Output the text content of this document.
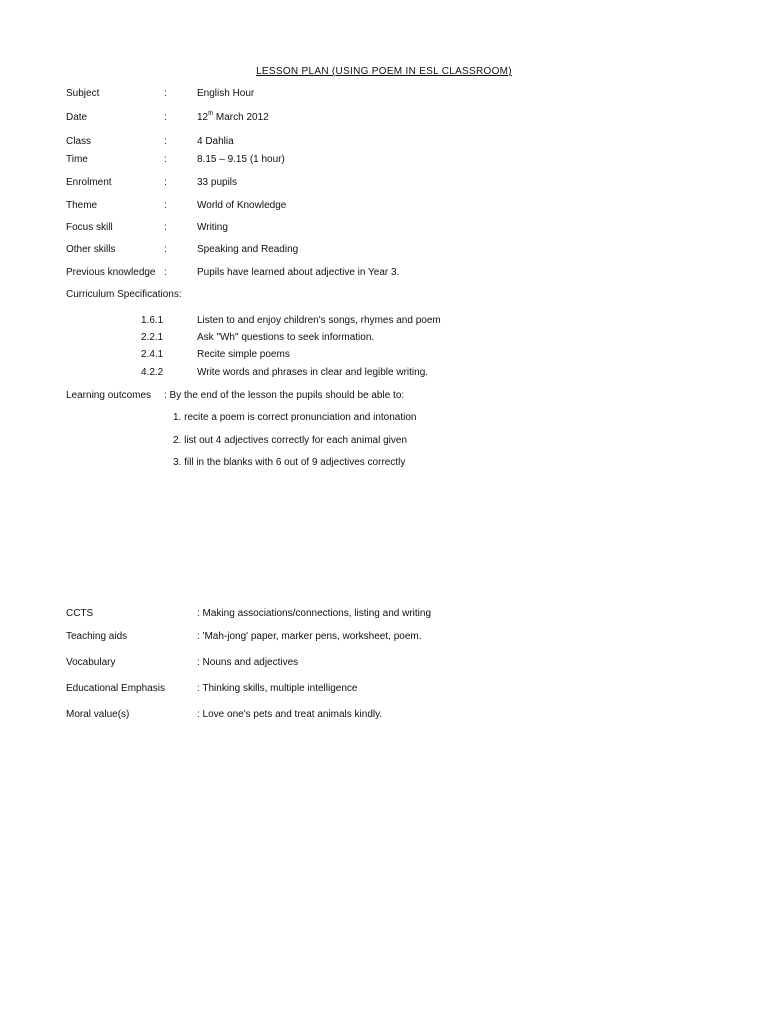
LESSON PLAN (USING POEM IN ESL CLASSROOM)
Subject	:	English Hour
Date	:	12th March 2012
Class	:	4 Dahlia
Time	:	8.15 – 9.15 (1 hour)
Enrolment	:	33 pupils
Theme	:	World of Knowledge
Focus skill	:	Writing
Other skills	:	Speaking and Reading
Previous knowledge :	Pupils have learned about adjective in Year 3.
Curriculum Specifications:
1.6.1	Listen to and enjoy children's songs, rhymes and poem
2.2.1	Ask "Wh" questions to seek information.
2.4.1	Recite simple poems
4.2.2	Write words and phrases in clear and legible writing.
Learning outcomes : By the end of the lesson the pupils should be able to:
1. recite a poem is correct pronunciation and intonation
2. list out 4 adjectives correctly for each animal given
3. fill in the blanks with 6 out of 9 adjectives correctly
CCTS	: Making associations/connections, listing and writing
Teaching aids	: 'Mah-jong' paper, marker pens, worksheet, poem.
Vocabulary	: Nouns and adjectives
Educational Emphasis	: Thinking skills, multiple intelligence
Moral value(s)	: Love one's pets and treat animals kindly.
